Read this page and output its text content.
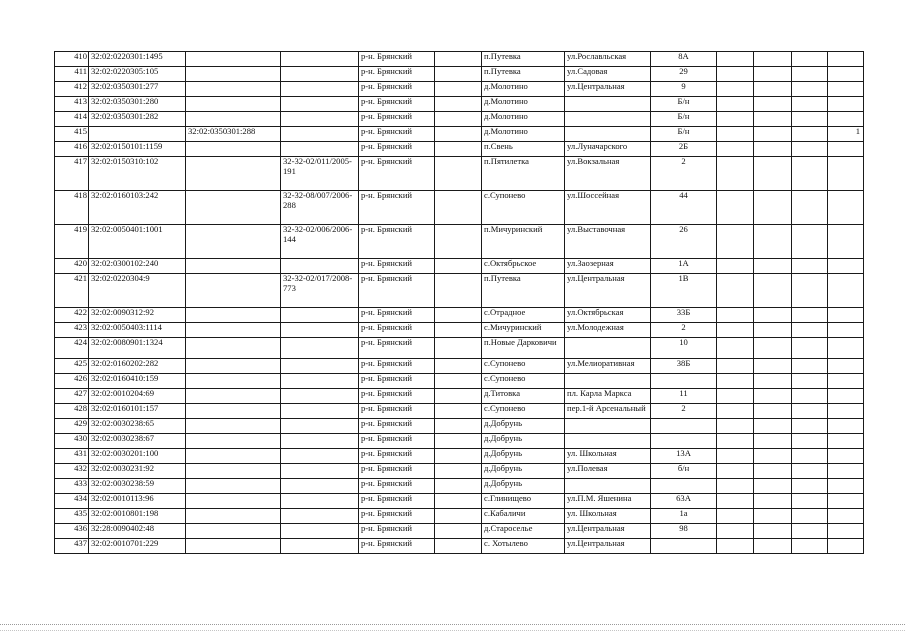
410	32:02:0220301:1495			р-н. Брянский		п.Путевка	ул.Рославльская	8А				
411	32:02:0220305:105			р-н. Брянский		п.Путевка	ул.Садовая	29				
412	32:02:0350301:277			р-н. Брянский		д.Молотино	ул.Центральная	9				
413	32:02:0350301:280			р-н. Брянский		д.Молотино		Б/н				
414	32:02:0350301:282			р-н. Брянский		д.Молотино		Б/н				
415		32:02:0350301:288		р-н. Брянский		д.Молотино		Б/н				1
416	32:02:0150101:1159			р-н. Брянский		п.Свень	ул.Луначарского	2Б				
417	32:02:0150310:102		32-32-02/011/2005-191	р-н. Брянский		п.Пятилетка	ул.Вокзальная	2				
418	32:02:0160103:242		32-32-08/007/2006-288	р-н. Брянский		с.Супонево	ул.Шоссейная	44				
419	32:02:0050401:1001		32-32-02/006/2006-144	р-н. Брянский		п.Мичуринский	ул.Выставочная	26				
420	32:02:0300102:240			р-н. Брянский		с.Октябрьское	ул.Заозерная	1А				
421	32:02:0220304:9		32-32-02/017/2008-773	р-н. Брянский		п.Путевка	ул.Центральная	1В				
422	32:02:0090312:92			р-н. Брянский		с.Отрадное	ул.Октябрьская	33Б				
423	32:02:0050403:1114			р-н. Брянский		с.Мичуринский	ул.Молодежная	2				
424	32:02:0080901:1324			р-н. Брянский		п.Новые Дарковичи		10				
425	32:02:0160202:282			р-н. Брянский		с.Супонево	ул.Мелиоративная	38Б				
426	32:02:0160410:159			р-н. Брянский		с.Супонево						
427	32:02:0010204:69			р-н. Брянский		д.Титовка	пл. Карла Маркса	11				
428	32:02:0160101:157			р-н. Брянский		с.Супонево	пер.1-й Арсенальный	2				
429	32:02:0030238:65			р-н. Брянский		д.Добрунь						
430	32:02:0030238:67			р-н. Брянский		д.Добрунь						
431	32:02:0030201:100			р-н. Брянский		д.Добрунь	ул. Школьная	13А				
432	32:02:0030231:92			р-н. Брянский		д.Добрунь	ул.Полевая	б/н				
433	32:02:0030238:59			р-н. Брянский		д.Добрунь						
434	32:02:0010113:96			р-н. Брянский		с.Глинищево	ул.П.М. Яшенина	63А				
435	32:02:0010801:198			р-н. Брянский		с.Кабаличи	ул. Школьная	1а				
436	32:28:0090402:48			р-н. Брянский		д.Староселье	ул.Центральная	98				
437	32:02:0010701:229			р-н. Брянский		с. Хотылево	ул.Центральная					
